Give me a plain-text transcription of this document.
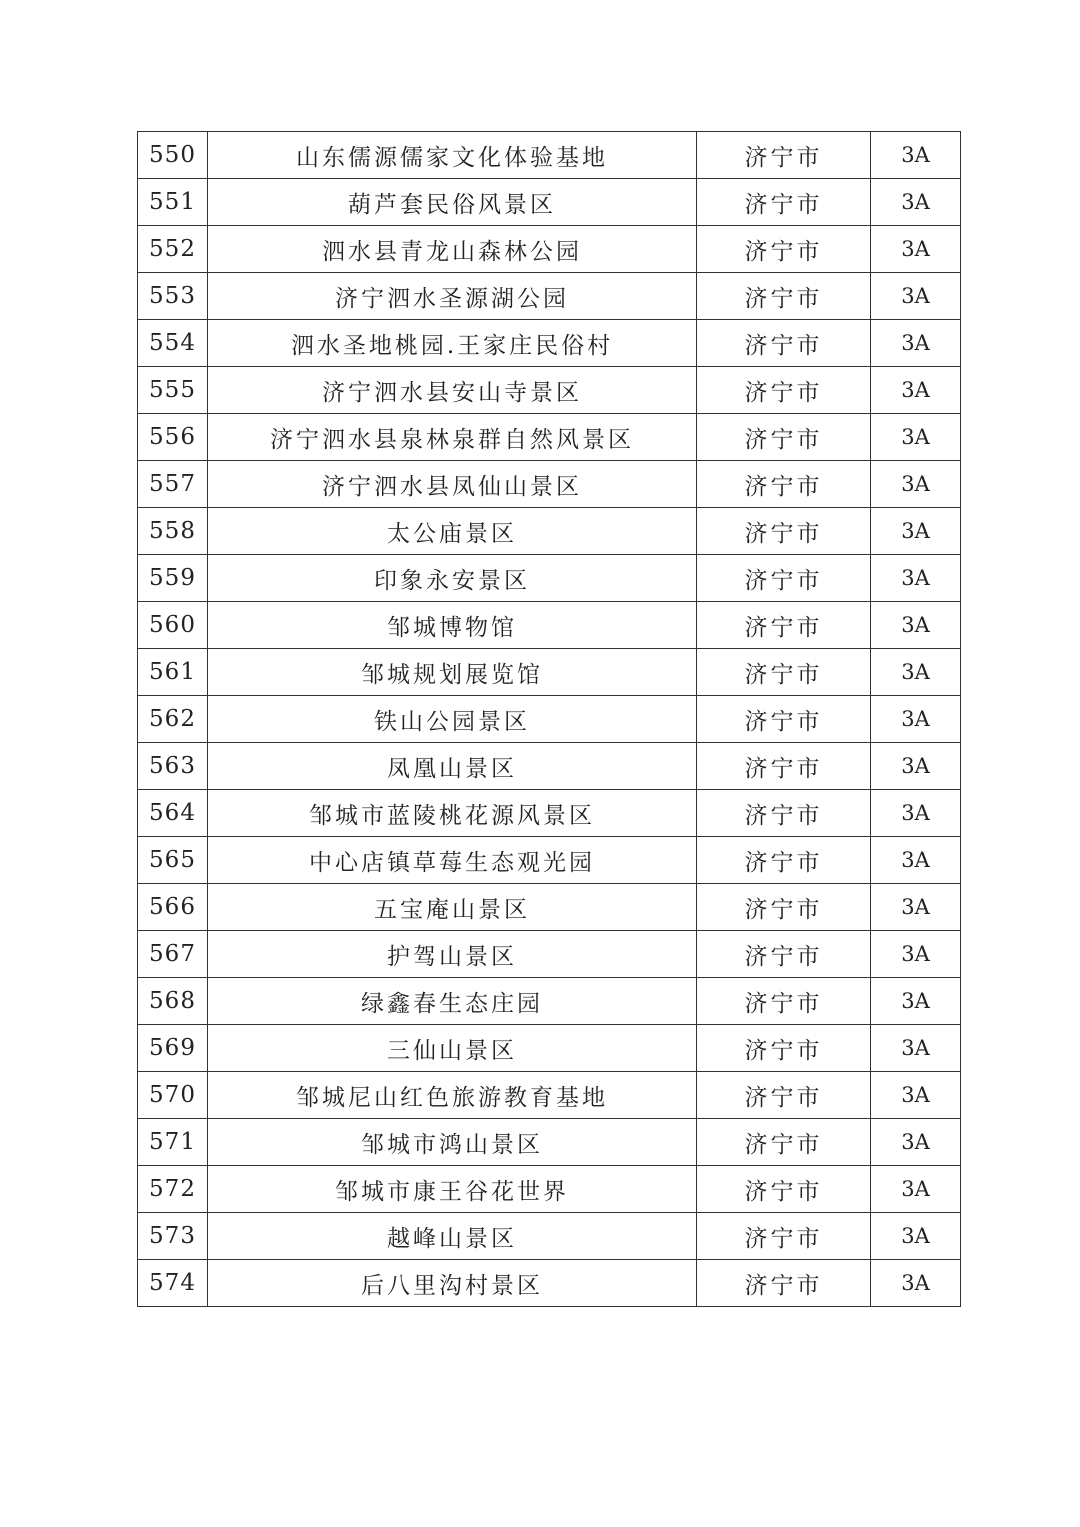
550	山东儒源儒家文化体验基地	济宁市	3A
551	葫芦套民俗风景区	济宁市	3A
552	泗水县青龙山森林公园	济宁市	3A
553	济宁泗水圣源湖公园	济宁市	3A
554	泗水圣地桃园.王家庄民俗村	济宁市	3A
555	济宁泗水县安山寺景区	济宁市	3A
556	济宁泗水县泉林泉群自然风景区	济宁市	3A
557	济宁泗水县凤仙山景区	济宁市	3A
558	太公庙景区	济宁市	3A
559	印象永安景区	济宁市	3A
560	邹城博物馆	济宁市	3A
561	邹城规划展览馆	济宁市	3A
562	铁山公园景区	济宁市	3A
563	凤凰山景区	济宁市	3A
564	邹城市蓝陵桃花源风景区	济宁市	3A
565	中心店镇草莓生态观光园	济宁市	3A
566	五宝庵山景区	济宁市	3A
567	护驾山景区	济宁市	3A
568	绿鑫春生态庄园	济宁市	3A
569	三仙山景区	济宁市	3A
570	邹城尼山红色旅游教育基地	济宁市	3A
571	邹城市鸿山景区	济宁市	3A
572	邹城市康王谷花世界	济宁市	3A
573	越峰山景区	济宁市	3A
574	后八里沟村景区	济宁市	3A
